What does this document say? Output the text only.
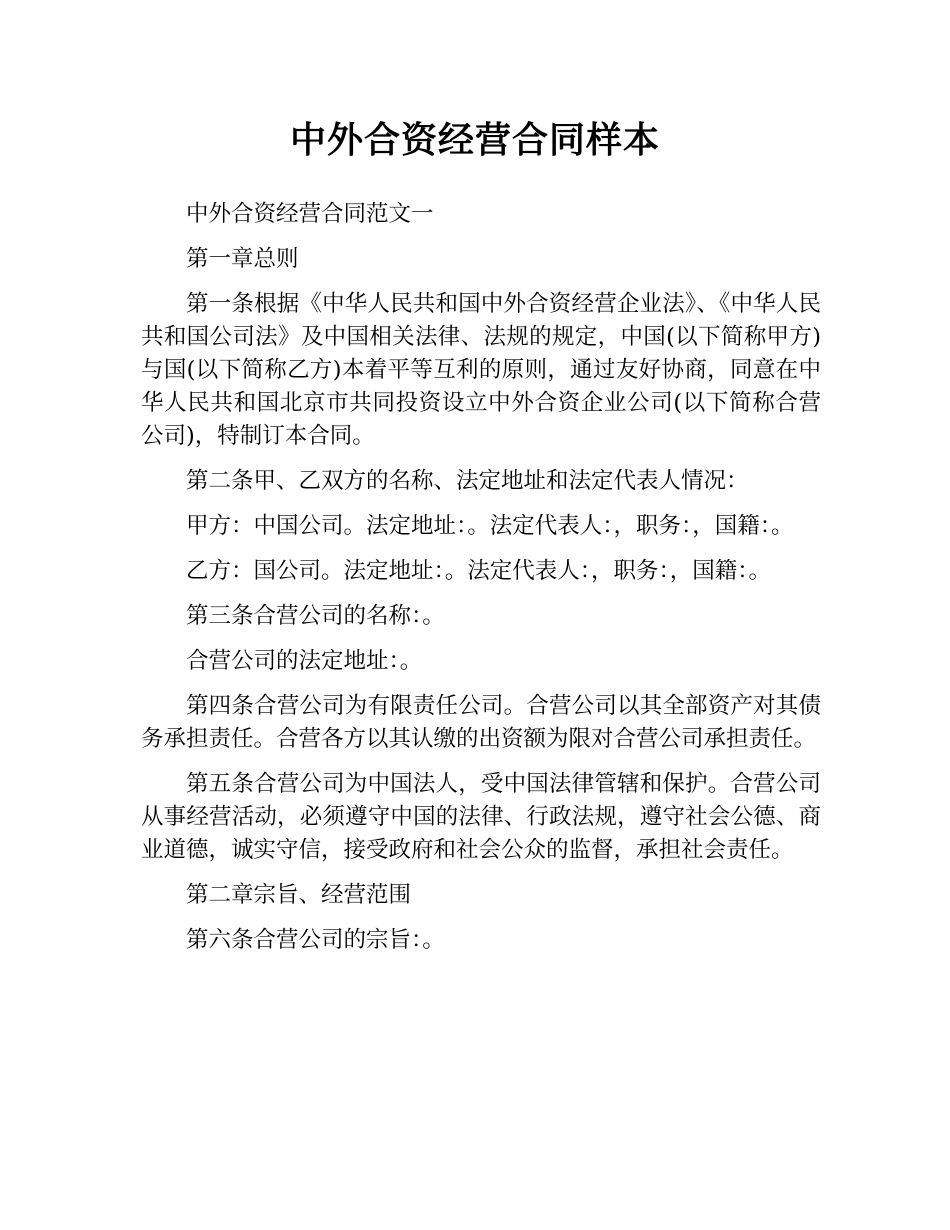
中外合资经营合同样本

中外合资经营合同范文一

第一章总则

第一条根据《中华人民共和国中外合资经营企业法》、《中华人民共和国公司法》及中国相关法律、法规的规定，中国(以下简称甲方)与国(以下简称乙方)本着平等互利的原则，通过友好协商，同意在中华人民共和国北京市共同投资设立中外合资企业公司(以下简称合营公司)，特制订本合同。

第二条甲、乙双方的名称、法定地址和法定代表人情况：

甲方：中国公司。法定地址：。法定代表人：，职务：，国籍：。

乙方：国公司。法定地址：。法定代表人：，职务：，国籍：。

第三条合营公司的名称：。

合营公司的法定地址：。

第四条合营公司为有限责任公司。合营公司以其全部资产对其债务承担责任。合营各方以其认缴的出资额为限对合营公司承担责任。

第五条合营公司为中国法人，受中国法律管辖和保护。合营公司从事经营活动，必须遵守中国的法律、行政法规，遵守社会公德、商业道德，诚实守信，接受政府和社会公众的监督，承担社会责任。

第二章宗旨、经营范围

第六条合营公司的宗旨：。
